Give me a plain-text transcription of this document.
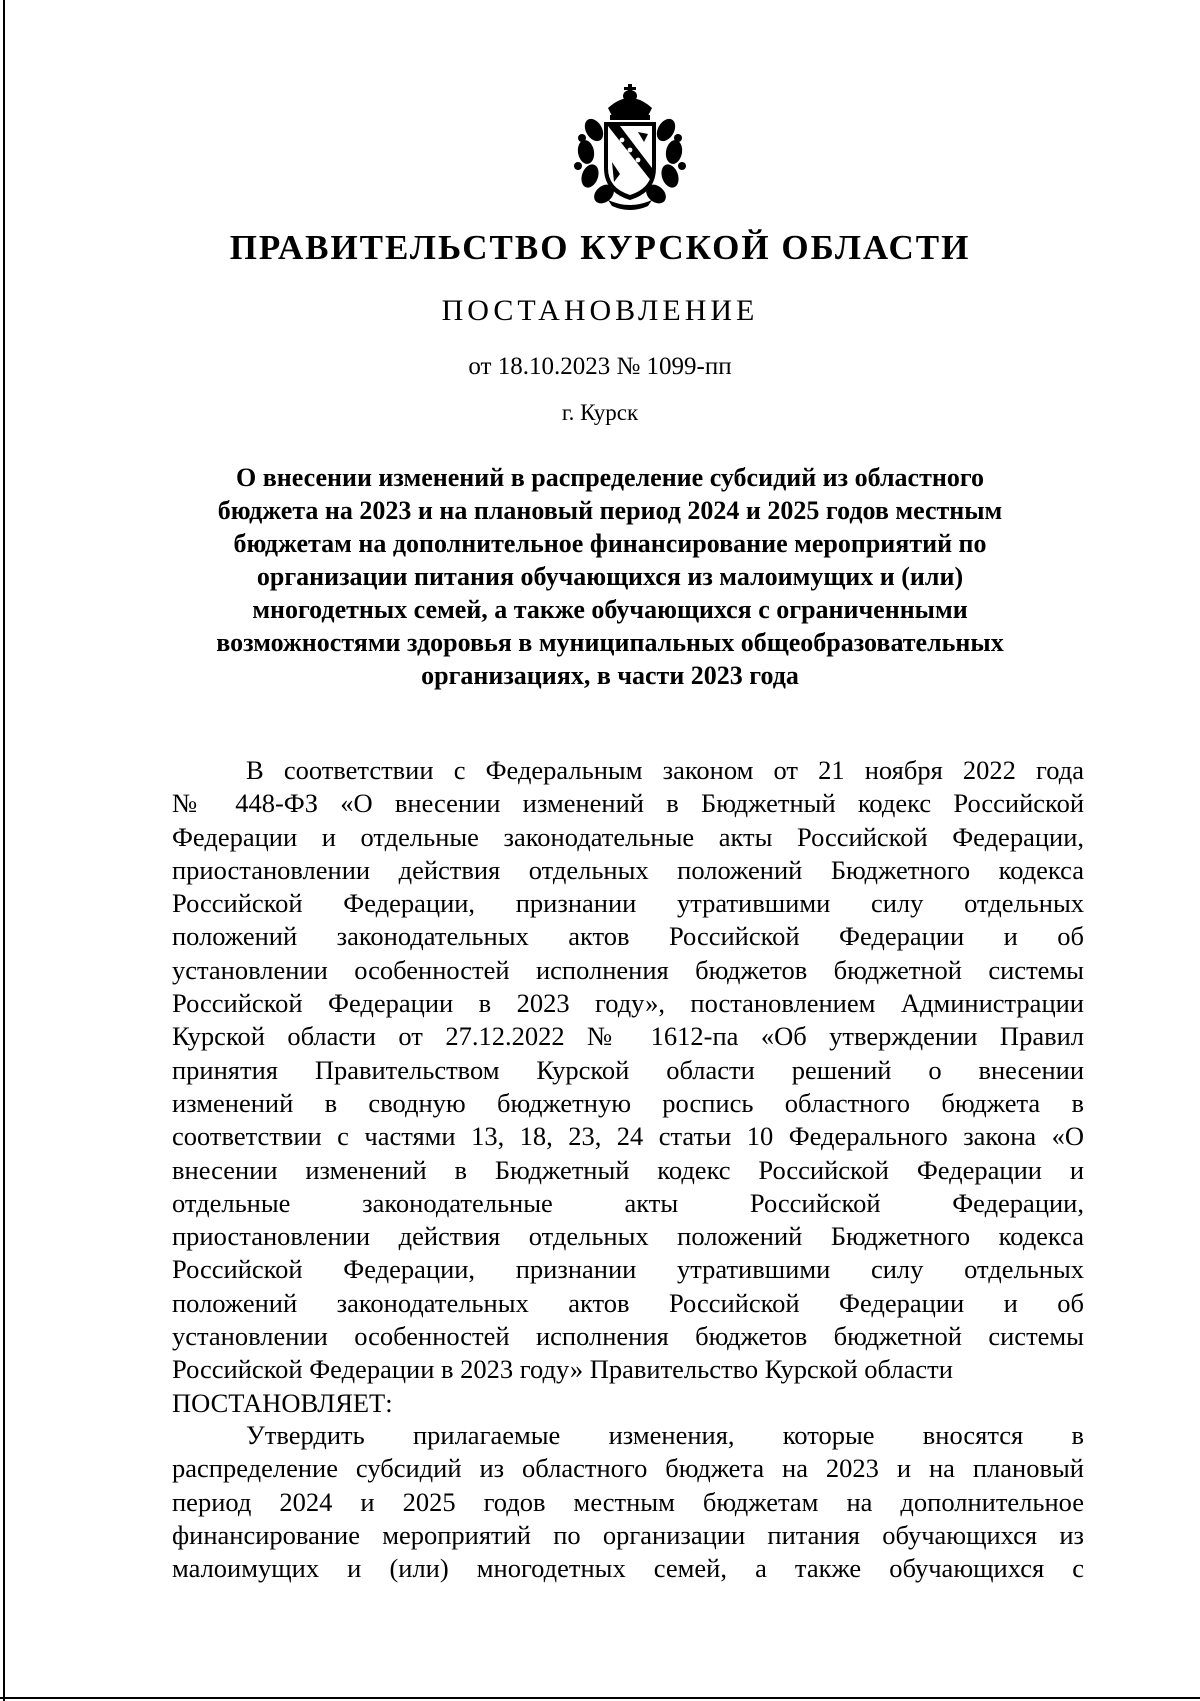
ПРАВИТЕЛЬСТВО КУРСКОЙ ОБЛАСТИ
ПОСТАНОВЛЕНИЕ
от 18.10.2023 № 1099-пп
г. Курск
О внесении изменений в распределение субсидий из областного
бюджета на 2023 и на плановый период 2024 и 2025 годов местным
бюджетам на дополнительное финансирование мероприятий по
организации питания обучающихся из малоимущих и (или)
многодетных семей, а также обучающихся с ограниченными
возможностями здоровья в муниципальных общеобразовательных
организациях, в части 2023 года
В соответствии с Федеральным законом от 21 ноября 2022 года
№ 448-ФЗ «О внесении изменений в Бюджетный кодекс Российской
Федерации и отдельные законодательные акты Российской Федерации,
приостановлении действия отдельных положений Бюджетного кодекса
Российской Федерации, признании утратившими силу отдельных
положений законодательных актов Российской Федерации и об
установлении особенностей исполнения бюджетов бюджетной системы
Российской Федерации в 2023 году», постановлением Администрации
Курской области от 27.12.2022 № 1612-па «Об утверждении Правил
принятия Правительством Курской области решений о внесении
изменений в сводную бюджетную роспись областного бюджета в
соответствии с частями 13, 18, 23, 24 статьи 10 Федерального закона «О
внесении изменений в Бюджетный кодекс Российской Федерации и
отдельные законодательные акты Российской Федерации,
приостановлении действия отдельных положений Бюджетного кодекса
Российской Федерации, признании утратившими силу отдельных
положений законодательных актов Российской Федерации и об
установлении особенностей исполнения бюджетов бюджетной системы
Российской Федерации в 2023 году» Правительство Курской области
ПОСТАНОВЛЯЕТ:
Утвердить прилагаемые изменения, которые вносятся в
распределение субсидий из областного бюджета на 2023 и на плановый
период 2024 и 2025 годов местным бюджетам на дополнительное
финансирование мероприятий по организации питания обучающихся из
малоимущих и (или) многодетных семей, а также обучающихся с
